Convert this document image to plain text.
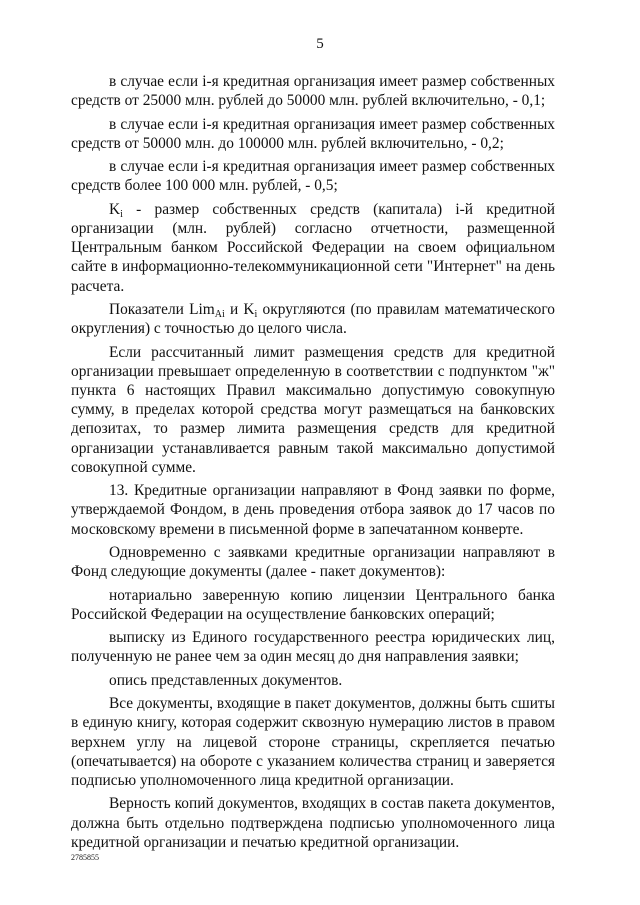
5

в случае если i-я кредитная организация имеет размер собственных средств от 25000 млн. рублей до 50000 млн. рублей включительно, - 0,1;

в случае если i-я кредитная организация имеет размер собственных средств от 50000 млн. до 100000 млн. рублей включительно, - 0,2;

в случае если i-я кредитная организация имеет размер собственных средств более 100 000 млн. рублей, - 0,5;

$K_i$ - размер собственных средств (капитала) i-й кредитной организации (млн. рублей) согласно отчетности, размещенной Центральным банком Российской Федерации на своем официальном сайте в информационно-телекоммуникационной сети "Интернет" на день расчета.

Показатели Lim$_{Ai}$ и $K_i$ округляются (по правилам математического округления) с точностью до целого числа.

Если рассчитанный лимит размещения средств для кредитной организации превышает определенную в соответствии с подпунктом "ж" пункта 6 настоящих Правил максимально допустимую совокупную сумму, в пределах которой средства могут размещаться на банковских депозитах, то размер лимита размещения средств для кредитной организации устанавливается равным такой максимально допустимой совокупной сумме.

13. Кредитные организации направляют в Фонд заявки по форме, утверждаемой Фондом, в день проведения отбора заявок до 17 часов по московскому времени в письменной форме в запечатанном конверте.

Одновременно с заявками кредитные организации направляют в Фонд следующие документы (далее - пакет документов):

нотариально заверенную копию лицензии Центрального банка Российской Федерации на осуществление банковских операций;

выписку из Единого государственного реестра юридических лиц, полученную не ранее чем за один месяц до дня направления заявки;

опись представленных документов.

Все документы, входящие в пакет документов, должны быть сшиты в единую книгу, которая содержит сквозную нумерацию листов в правом верхнем углу на лицевой стороне страницы, скрепляется печатью (опечатывается) на обороте с указанием количества страниц и заверяется подписью уполномоченного лица кредитной организации.

Верность копий документов, входящих в состав пакета документов, должна быть отдельно подтверждена подписью уполномоченного лица кредитной организации и печатью кредитной организации.

2785855
